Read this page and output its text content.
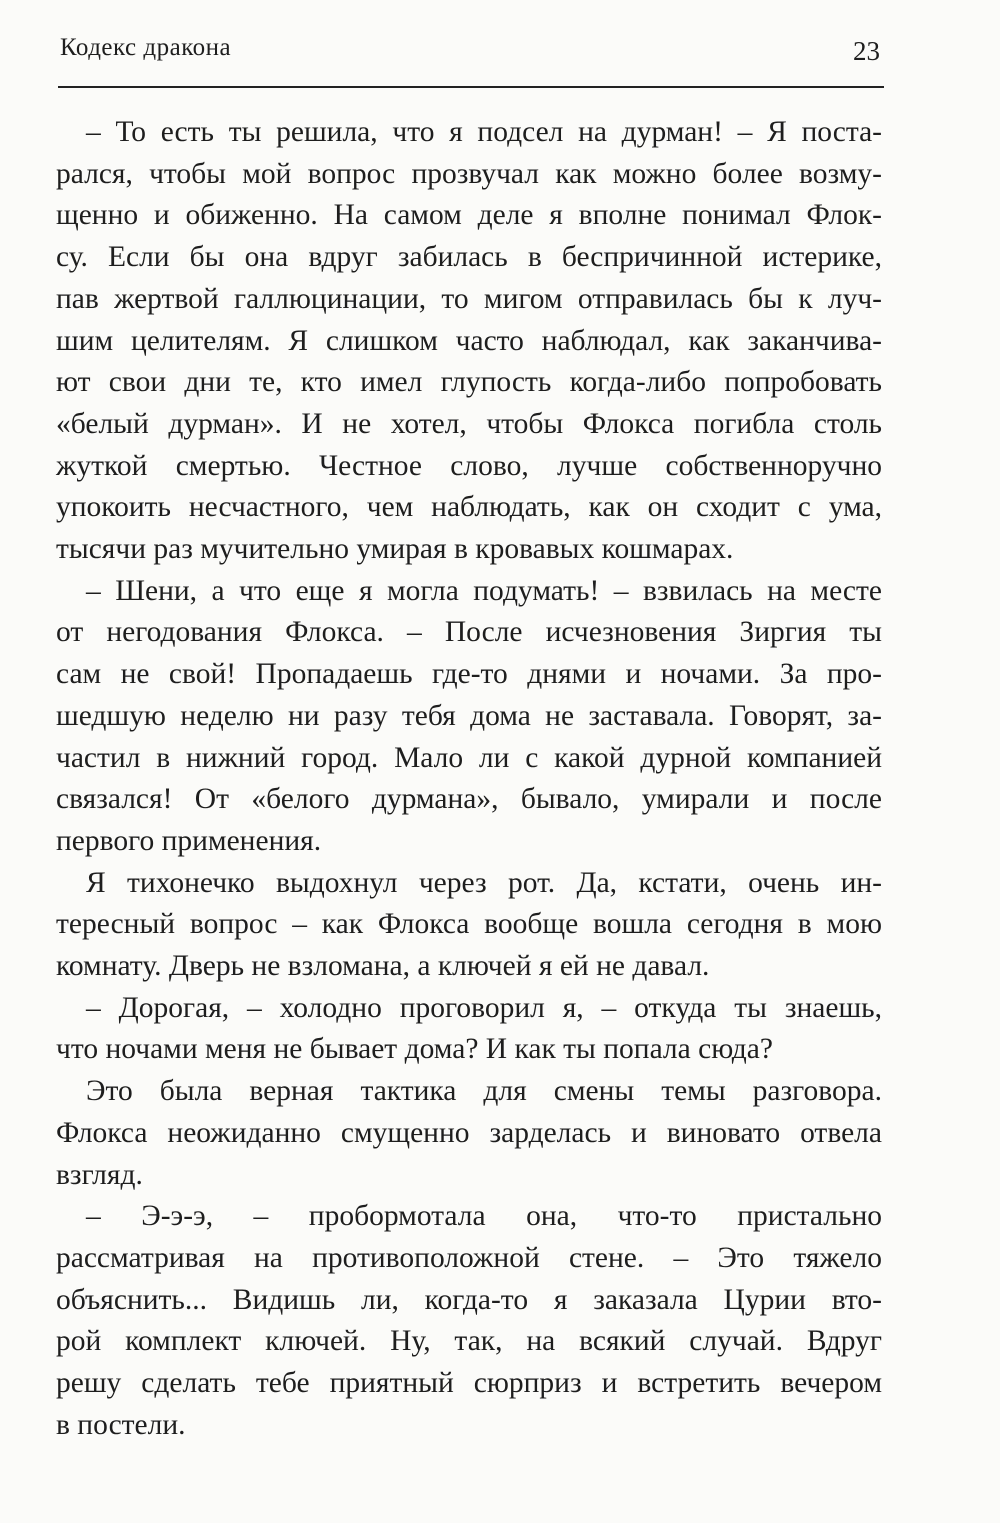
Кодекс дракона	23
– То есть ты решила, что я подсел на дурман! – Я поста-
рался, чтобы мой вопрос прозвучал как можно более возму-
щенно и обиженно. На самом деле я вполне понимал Флок-
су. Если бы она вдруг забилась в беспричинной истерике,
пав жертвой галлюцинации, то мигом отправилась бы к луч-
шим целителям. Я слишком часто наблюдал, как заканчива-
ют свои дни те, кто имел глупость когда-либо попробовать
«белый дурман». И не хотел, чтобы Флокса погибла столь
жуткой смертью. Честное слово, лучше собственноручно
упокоить несчастного, чем наблюдать, как он сходит с ума,
тысячи раз мучительно умирая в кровавых кошмарах.
– Шени, а что еще я могла подумать! – взвилась на месте
от негодования Флокса. – После исчезновения Зиргия ты
сам не свой! Пропадаешь где-то днями и ночами. За про-
шедшую неделю ни разу тебя дома не заставала. Говорят, за-
частил в нижний город. Мало ли с какой дурной компанией
связался! От «белого дурмана», бывало, умирали и после
первого применения.
Я тихонечко выдохнул через рот. Да, кстати, очень ин-
тересный вопрос – как Флокса вообще вошла сегодня в мою
комнату. Дверь не взломана, а ключей я ей не давал.
– Дорогая, – холодно проговорил я, – откуда ты знаешь,
что ночами меня не бывает дома? И как ты попала сюда?
Это была верная тактика для смены темы разговора.
Флокса неожиданно смущенно зарделась и виновато отвела
взгляд.
– Э-э-э, – пробормотала она, что-то пристально
рассматривая на противоположной стене. – Это тяжело
объяснить... Видишь ли, когда-то я заказала Цурии вто-
рой комплект ключей. Ну, так, на всякий случай. Вдруг
решу сделать тебе приятный сюрприз и встретить вечером
в постели.
